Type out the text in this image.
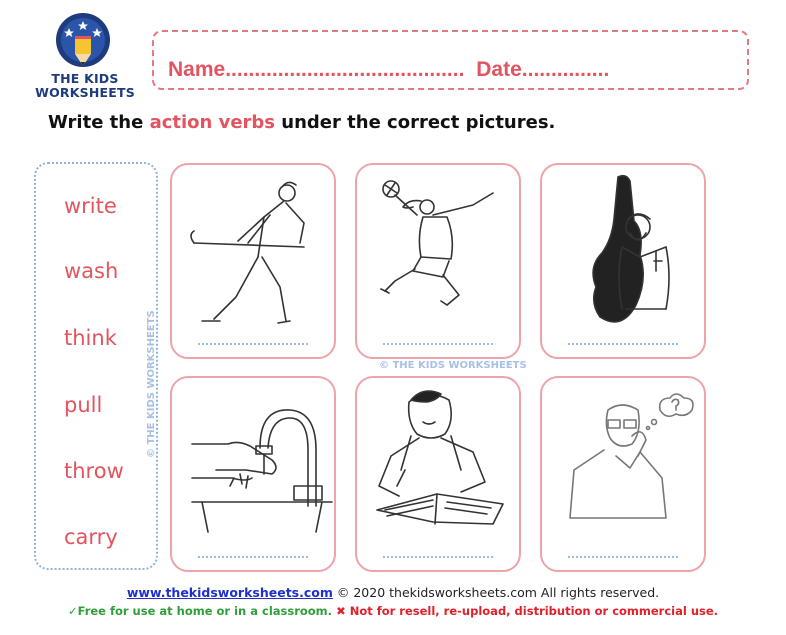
THE KIDS
WORKSHEETS
Name......................................... Date...............
Write the action verbs under the correct pictures.
write
wash
think
pull
throw
carry
© THE KIDS WORKSHEETS	© THE KIDS WORKSHEETS
www.thekidsworksheets.com © 2020 thekidsworksheets.com All rights reserved.
✓Free for use at home or in a classroom. ✖ Not for resell, re-upload, distribution or commercial use.
